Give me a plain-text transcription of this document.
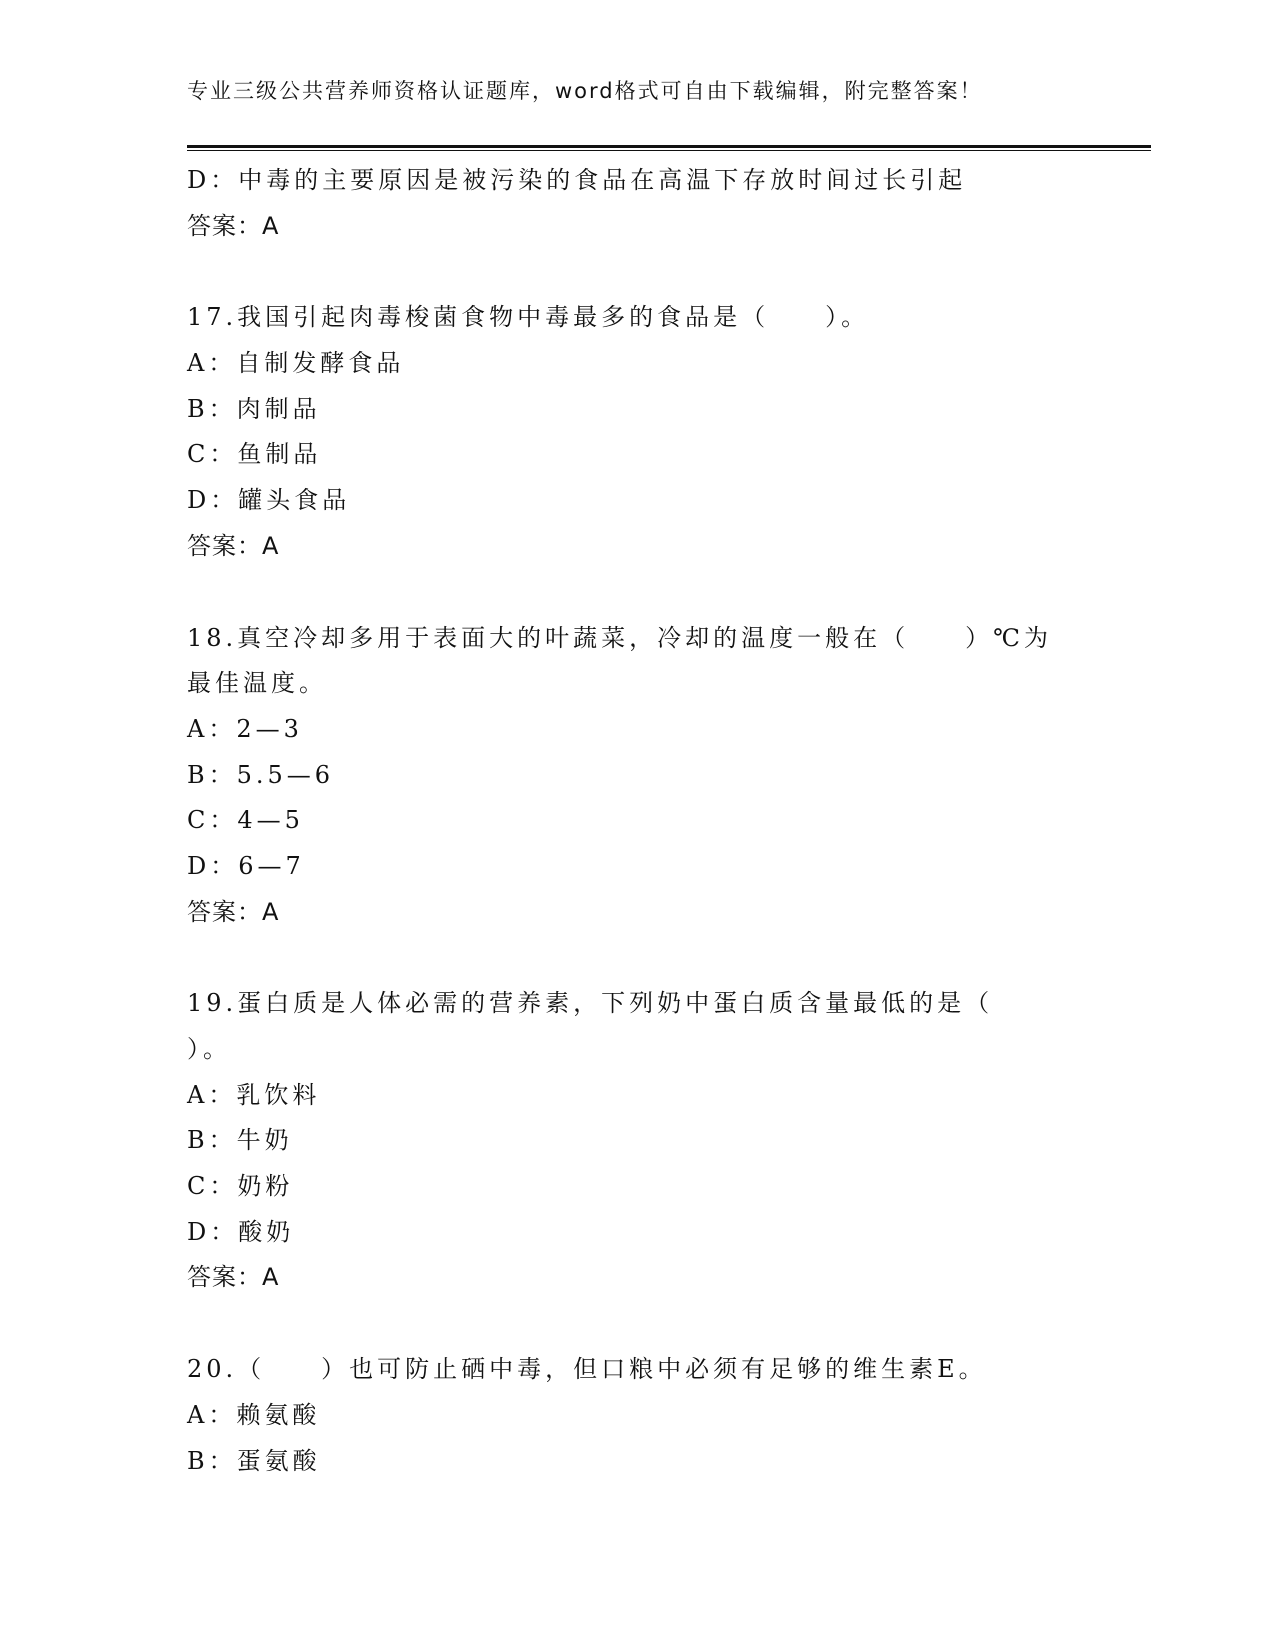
专业三级公共营养师资格认证题库，word格式可自由下载编辑，附完整答案！
D：中毒的主要原因是被污染的食品在高温下存放时间过长引起
答案：A
17.我国引起肉毒梭菌食物中毒最多的食品是（　　）。
A：自制发酵食品
B：肉制品
C：鱼制品
D：罐头食品
答案：A
18.真空冷却多用于表面大的叶蔬菜，冷却的温度一般在（　　）℃为
最佳温度。
A：2—3
B：5.5—6
C：4—5
D：6—7
答案：A
19.蛋白质是人体必需的营养素，下列奶中蛋白质含量最低的是（
）。
A：乳饮料
B：牛奶
C：奶粉
D：酸奶
答案：A
20.（　　）也可防止硒中毒，但口粮中必须有足够的维生素E。
A：赖氨酸
B：蛋氨酸
